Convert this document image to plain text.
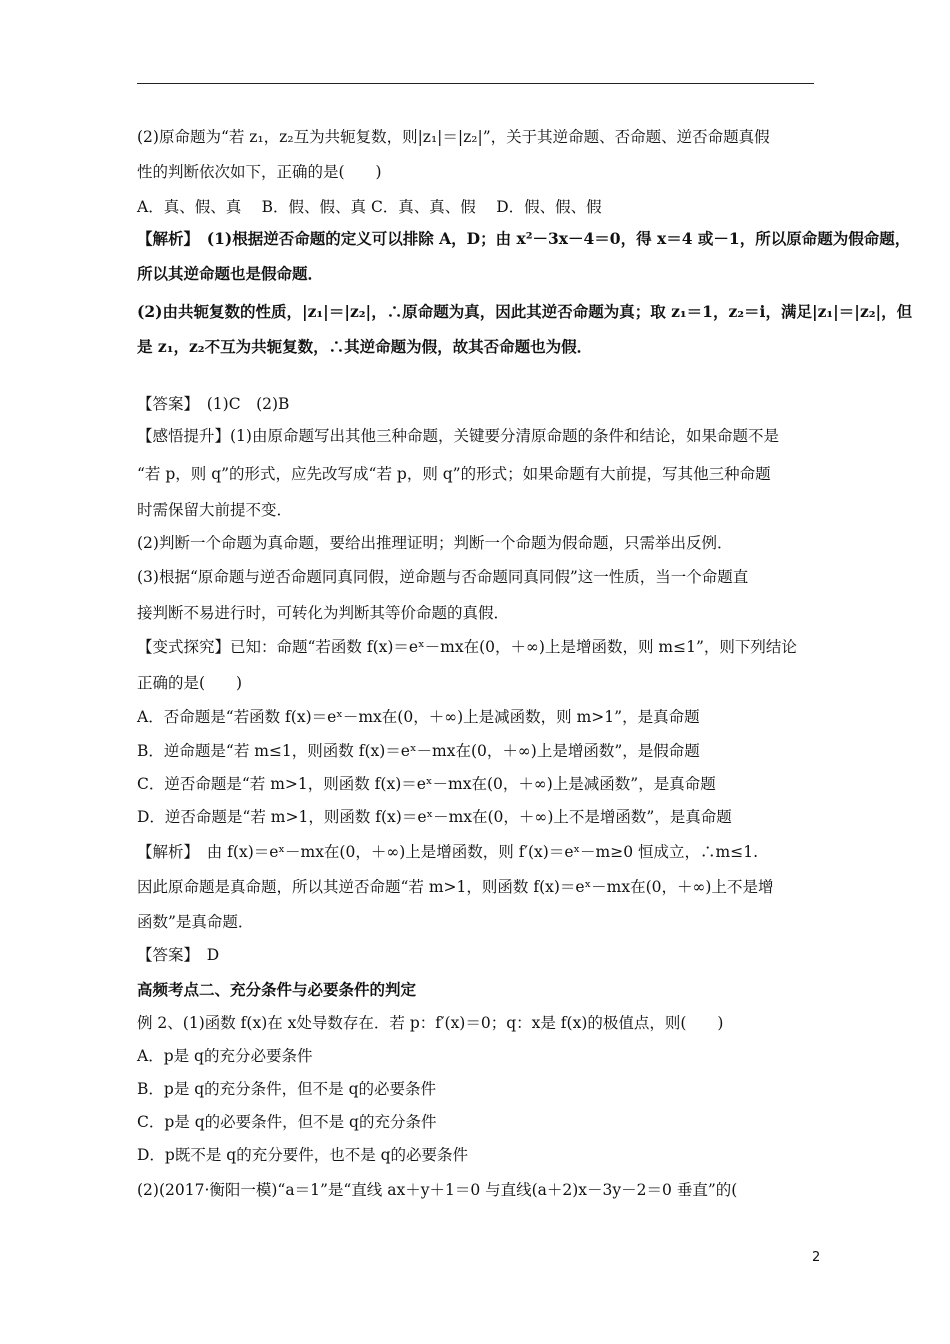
(2)原命题为“若 z₁，z₂互为共轭复数，则|z₁|＝|z₂|”，关于其逆命题、否命题、逆否命题真假
性的判断依次如下，正确的是(　　)
A．真、假、真　 B．假、假、真 C．真、真、假　 D．假、假、假
【解析】　(1)根据逆否命题的定义可以排除 A，D；由 x²－3x－4＝0，得 x＝4 或－1，所以原命题为假命题，
所以其逆命题也是假命题．
(2)由共轭复数的性质，|z₁|＝|z₂|，∴原命题为真，因此其逆否命题为真；取 z₁＝1，z₂＝i，满足|z₁|＝|z₂|，但
是 z₁，z₂不互为共轭复数，∴其逆命题为假，故其否命题也为假．
【答案】　(1)C　(2)B
【感悟提升】(1)由原命题写出其他三种命题，关键要分清原命题的条件和结论，如果命题不是
“若 p，则 q”的形式，应先改写成“若 p，则 q”的形式；如果命题有大前提，写其他三种命题
时需保留大前提不变．
(2)判断一个命题为真命题，要给出推理证明；判断一个命题为假命题，只需举出反例．
(3)根据“原命题与逆否命题同真同假，逆命题与否命题同真同假”这一性质，当一个命题直
接判断不易进行时，可转化为判断其等价命题的真假．
【变式探究】已知：命题“若函数 f(x)＝eˣ－mx在(0，＋∞)上是增函数，则 m≤1”，则下列结论
正确的是(　　)
A．否命题是“若函数 f(x)＝eˣ－mx在(0，＋∞)上是减函数，则 m>1”，是真命题
B．逆命题是“若 m≤1，则函数 f(x)＝eˣ－mx在(0，＋∞)上是增函数”，是假命题
C．逆否命题是“若 m>1，则函数 f(x)＝eˣ－mx在(0，＋∞)上是减函数”，是真命题
D．逆否命题是“若 m>1，则函数 f(x)＝eˣ－mx在(0，＋∞)上不是增函数”，是真命题
【解析】　由 f(x)＝eˣ－mx在(0，＋∞)上是增函数，则 f′(x)＝eˣ－m≥0 恒成立，∴m≤1.
因此原命题是真命题，所以其逆否命题“若 m>1，则函数 f(x)＝eˣ－mx在(0，＋∞)上不是增
函数”是真命题．
【答案】　D
高频考点二、充分条件与必要条件的判定
例 2、(1)函数 f(x)在 x处导数存在．若 p：f′(x)＝0；q：x是 f(x)的极值点，则(　　)
A．p是 q的充分必要条件
B．p是 q的充分条件，但不是 q的必要条件
C．p是 q的必要条件，但不是 q的充分条件
D．p既不是 q的充分要件，也不是 q的必要条件
(2)(2017·衡阳一模)“a＝1”是“直线 ax＋y＋1＝0 与直线(a＋2)x－3y－2＝0 垂直”的(
2
